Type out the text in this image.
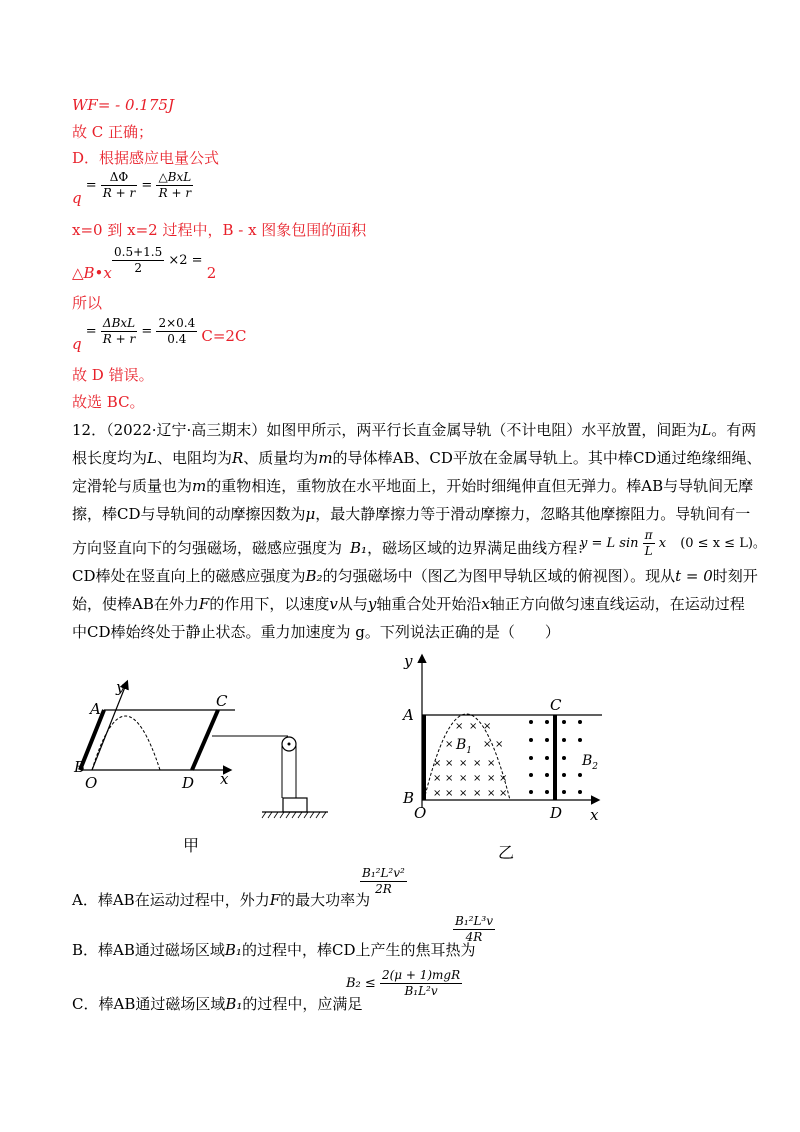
WF= - 0.175J
故 C 正确；
D．根据感应电量公式
$q = \frac{\Delta\Phi}{R + r} = \frac{\text{△BxL}}{R + r}$
x=0 到 x=2 过程中，B - x 图象包围的面积
△B•x $\frac{0.5+1.5}{2} \times 2 = 2$
所以
$q = \frac{\text{ΔBxL}}{R + r} = \frac{2\times 0.4}{0.4} C=2C$
故 D 错误。
故选 BC。
12．（2022·辽宁·高三期末）如图甲所示，两平行长直金属导轨（不计电阻）水平放置，间距为L。有两
根长度均为L、电阻均为R、质量均为m的导体棒AB、CD平放在金属导轨上。其中棒CD通过绝缘细绳、
定滑轮与质量也为m的重物相连，重物放在水平地面上，开始时细绳伸直但无弹力。棒AB与导轨间无摩
擦，棒CD与导轨间的动摩擦因数为μ，最大静摩擦力等于滑动摩擦力，忽略其他摩擦阻力。导轨间有一
方向竖直向下的匀强磁场，磁感应强度为 B₁，磁场区域的边界满足曲线方程：
y = L $\sin \frac{\pi}{L}$ x (0 ≤ x ≤ L)。
CD棒处在竖直向上的磁感应强度为B₂的匀强磁场中（图乙为图甲导轨区域的俯视图）。现从t = 0时刻开
始，使棒AB在外力F的作用下，以速度v从与y轴重合处开始沿x轴正方向做匀速直线运动，在运动过程
中CD棒始终处于静止状态。重力加速度为 g。下列说法正确的是（　　）
y
A	C
B
O	D x
甲
× × ×
×	× ×
× × × × ×
× × × × × ×
× × × × × ×
y
A
C
$B_1$
$B_2$
B
O	D x
乙
A．棒AB在运动过程中，外力F的最大功率为
$\frac{\text{B₁²L²v²}}{2R}$
B．棒AB通过磁场区域B₁的过程中，棒CD上产生的焦耳热为
$\frac{\text{B₁²L³v}}{4R}$
C．棒AB通过磁场区域B₁的过程中，应满足
$B_2 \le \frac{\text{2(μ + 1)mgR}}{\text{B₁L²v}}$
